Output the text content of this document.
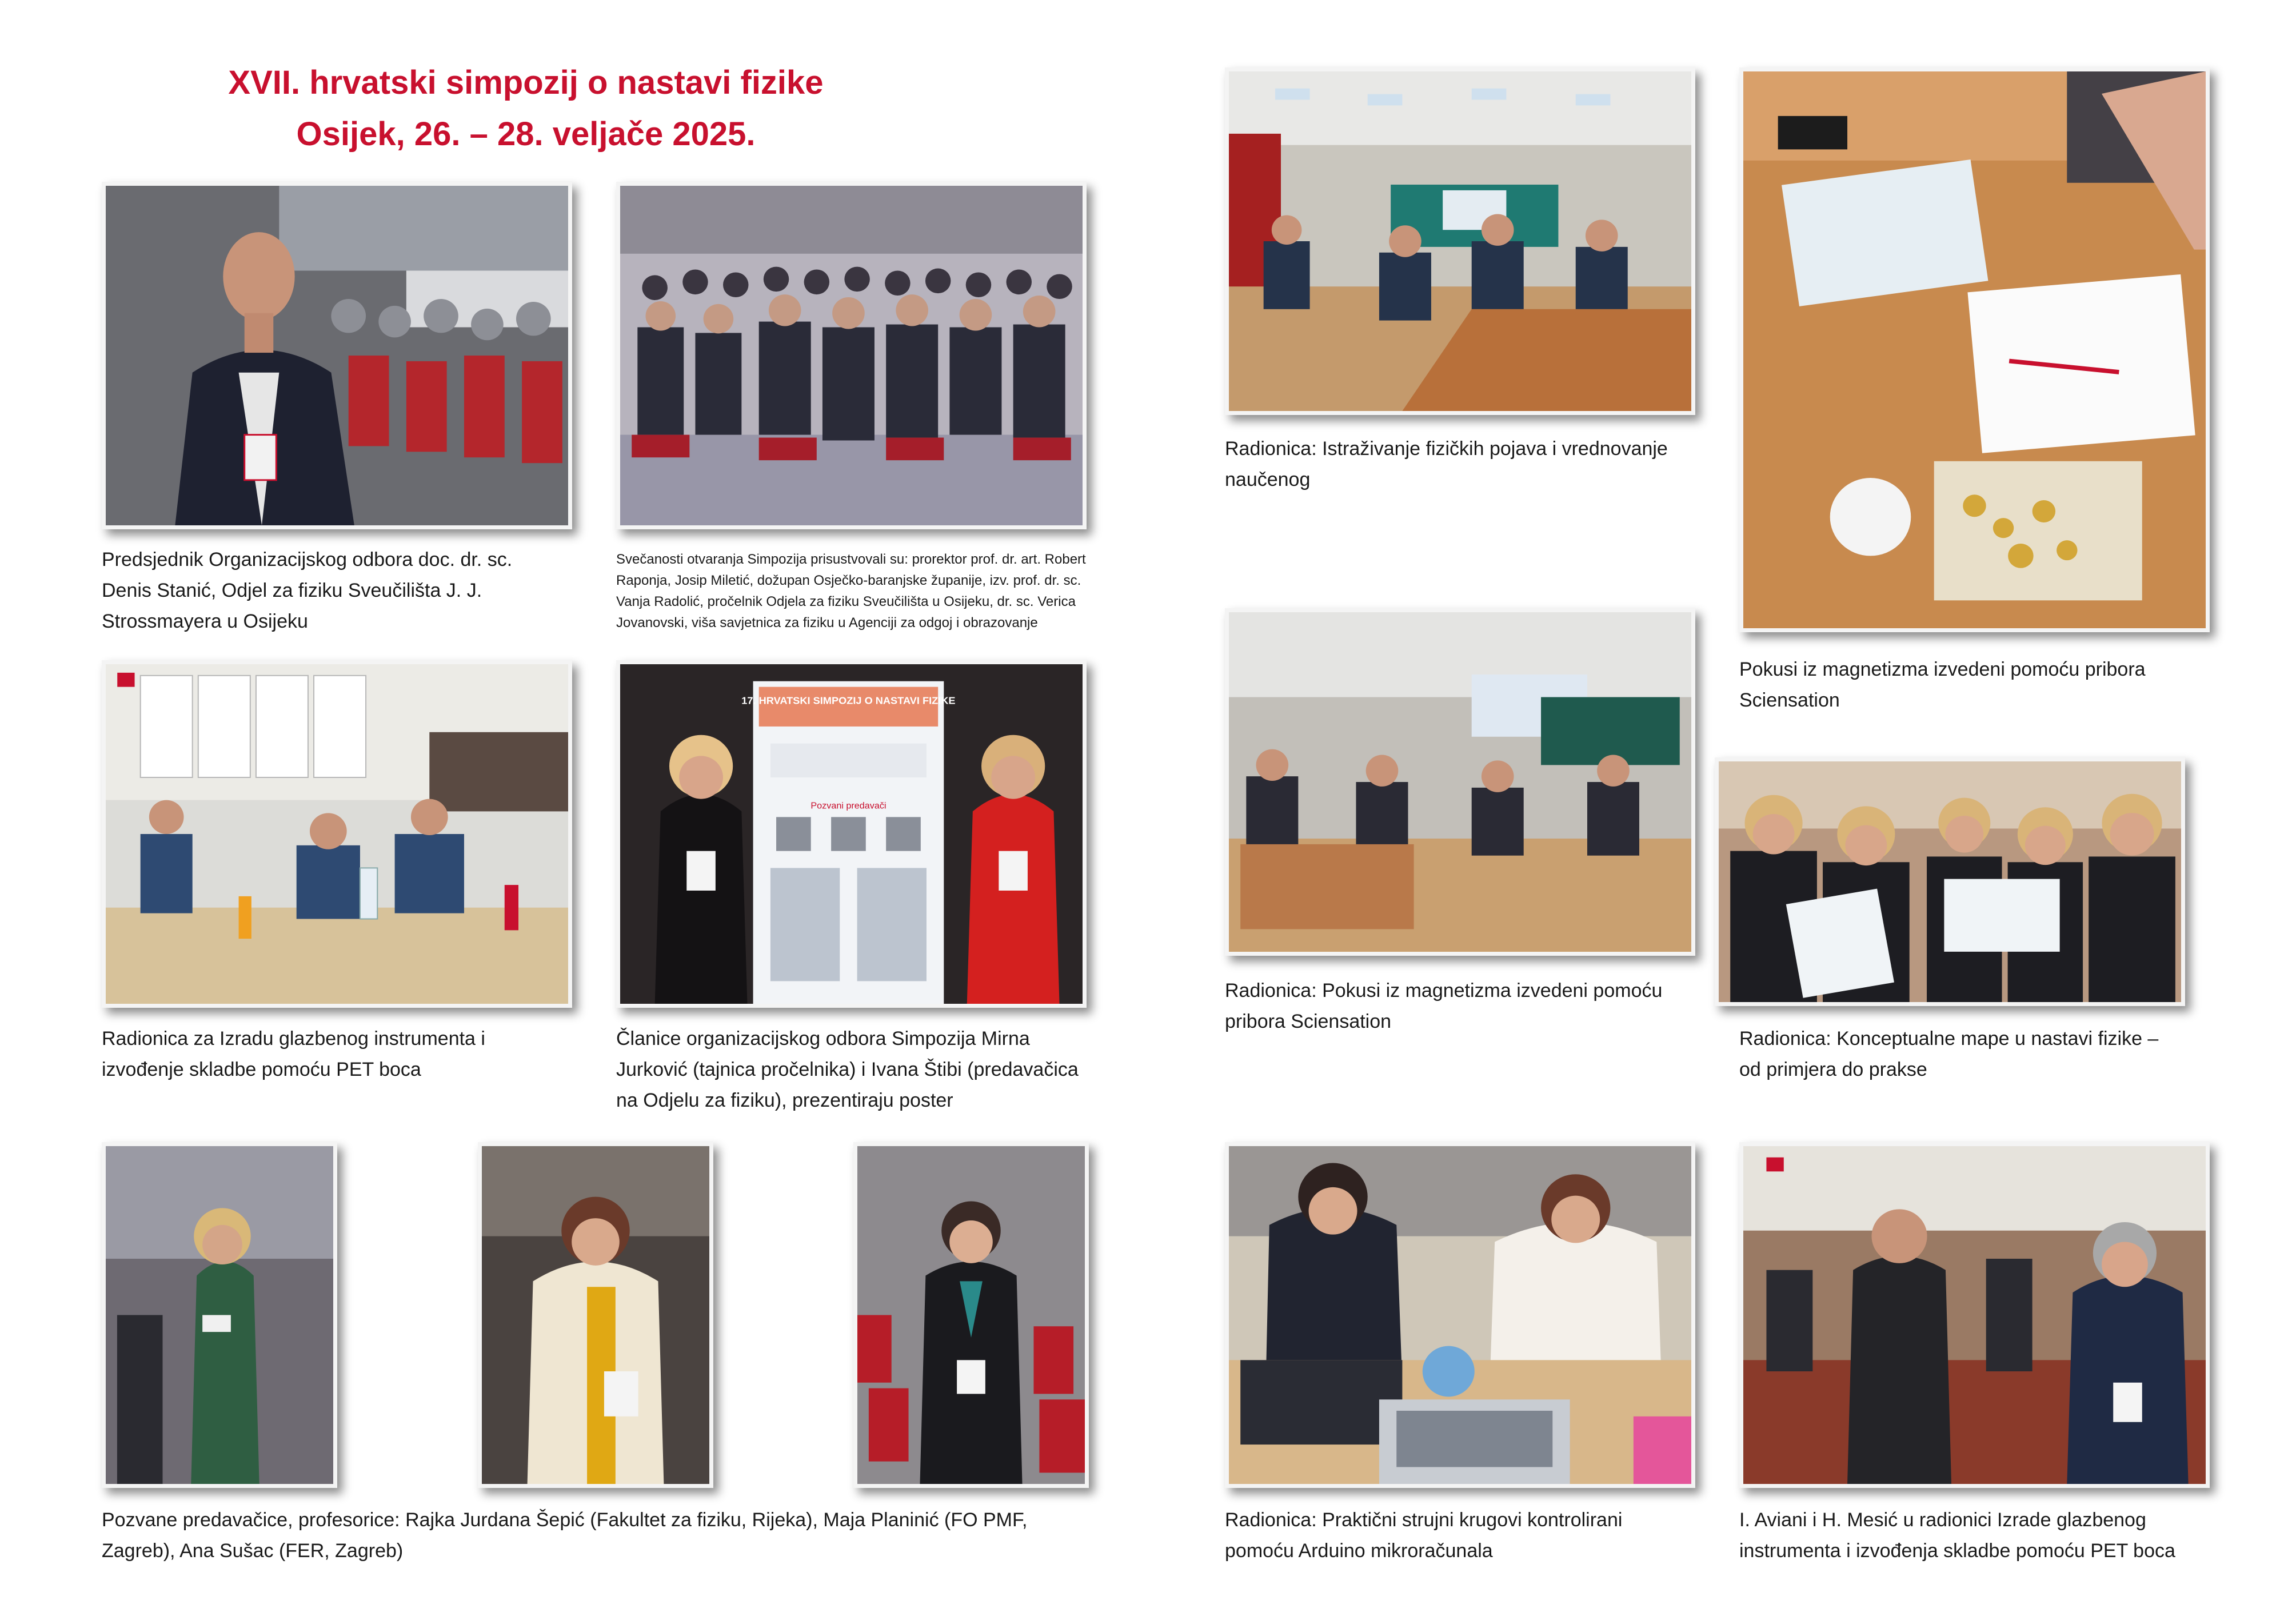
XVII. hrvatski simpozij o nastavi fizike
Osijek, 26. – 28. veljače 2025.
Predsjednik Organizacijskog odbora doc. dr. sc. Denis Stanić, Odjel za fiziku Sveučilišta J. J. Strossmayera u Osijeku
Svečanosti otvaranja Simpozija prisustvovali su: prorektor prof. dr. art. Robert Raponja, Josip Miletić, dožupan Osječko-baranjske županije, izv. prof. dr. sc. Vanja Radolić, pročelnik Odjela za fiziku Sveučilišta u Osijeku, dr. sc. Verica Jovanovski, viša savjetnica za fiziku u Agenciji za odgoj i obrazovanje
Radionica za Izradu glazbenog instrumenta i izvođenje skladbe pomoću PET boca
17. HRVATSKI SIMPOZIJ O NASTAVI FIZIKE
Pozvani predavači
Članice organizacijskog odbora Simpozija Mirna Jurković (tajnica pročelnika) i Ivana Štibi (predavačica na Odjelu za fiziku), prezentiraju poster
Pozvane predavačice, profesorice: Rajka Jurdana Šepić (Fakultet za fiziku, Rijeka), Maja Planinić (FO PMF, Zagreb), Ana Sušac (FER, Zagreb)
Radionica: Istraživanje fizičkih pojava i vrednovanje naučenog
Pokusi iz magnetizma izvedeni pomoću pribora Sciensation
Radionica: Pokusi iz magnetizma izvedeni pomoću pribora Sciensation
Radionica: Konceptualne mape u nastavi fizike – od primjera do prakse
Radionica: Praktični strujni krugovi kontrolirani pomoću Arduino mikroračunala
I. Aviani i H. Mesić u radionici Izrade glazbenog instrumenta i izvođenja skladbe pomoću PET boca
